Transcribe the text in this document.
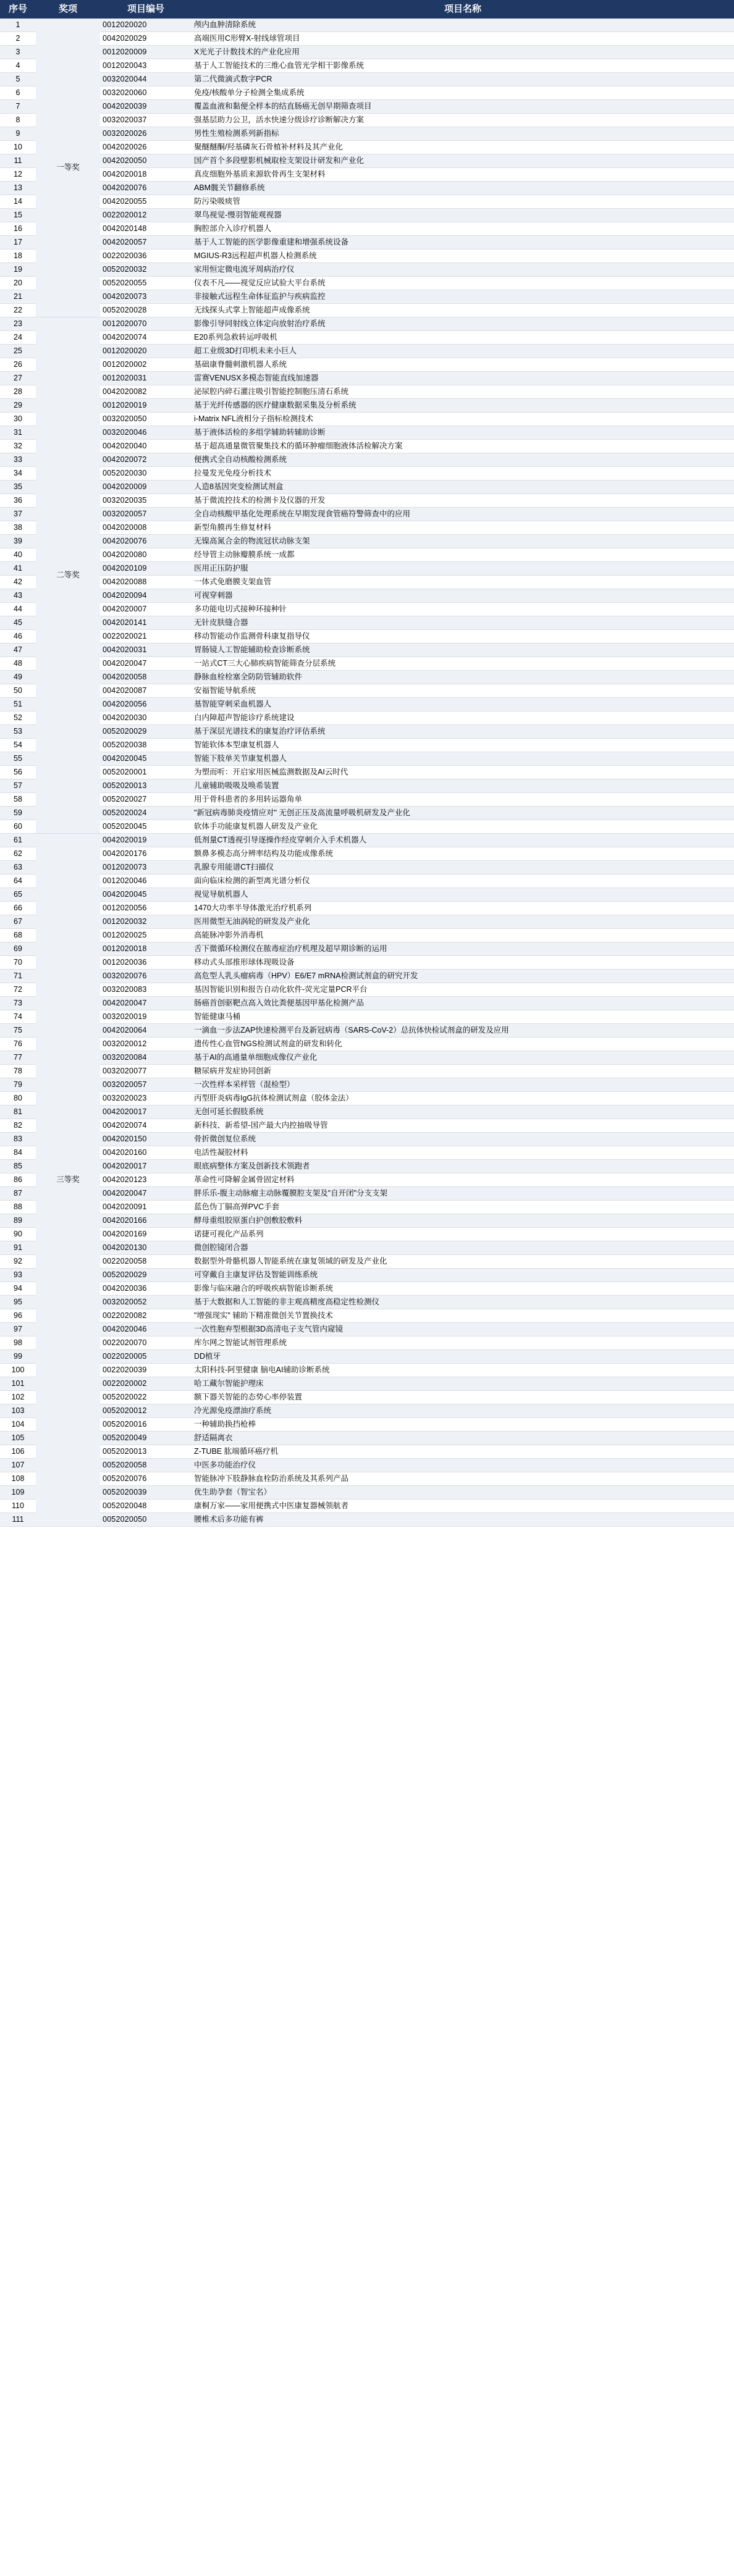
序号	奖项	项目编号	项目名称
1	一等奖	0012020020	颅内血肿清除系统
2		0042020029	高端医用C形臂X-射线球管项目
3		0012020009	X光光子计数技术的产业化应用
4		0012020043	基于人工智能技术的三维心血管光学相干影像系统
5		0032020044	第二代微滴式数字PCR
6		0032020060	免疫/核酸单分子检测全集成系统
7		0042020039	覆盖血液和黏便全样本的结直肠癌无创早期筛查项目
8		0032020037	强基层助力公卫，活水快速分级诊疗诊断解决方案
9		0032020026	男性生殖检测系列新指标
10		0042020026	聚醚醚酮/羟基磷灰石骨植补材料及其产业化
11		0042020050	国产首个多段壁影机械取栓支架设计研发和产业化
12		0042020018	真皮细胞外基质来源软骨再生支架材料
13		0042020076	ABM髋关节翻修系统
14		0042020055	防污染吸痰管
15		0022020012	翠鸟视觉-慢羽智能观视器
16		0042020148	胸腔部介入诊疗机器人
17		0042020057	基于人工智能的医学影像重建和增强系统设备
18		0022020036	MGIUS-R3远程超声机器人检测系统
19		0052020032	家用恒定微电流牙周病治疗仪
20		0052020055	仪表不凡——视觉反应试验大平台系统
21		0042020073	非接触式远程生命体征监护与疾病监控
22		0052020028	无线探头式掌上智能超声成像系统
23	二等奖	0012020070	影像引导同射线立体定向放射治疗系统
24		0042020074	E20系列急救转运呼吸机
25		0012020020	超工业级3D打印机未来小巨人
26		0012020002	基础康脊髓刺激机器人系统
27		0012020031	雷赛VENUSX多模态智能直线加速器
28		0042020082	泌尿腔内碎石灌注吸引智能控制胞压清石系统
29		0012020019	基于光纤传感器的医疗健康数据采集及分析系统
30		0032020050	i-Matrix NFL液相分子指标检测技术
31		0032020046	基于液体活检的多组学辅助转辅助诊断
32		0042020040	基于超高通量微管聚集技术的循环肿瘤细胞液体活检解决方案
33		0042020072	便携式全自动核酸检测系统
34		0052020030	拉曼发光免疫分析技术
35		0042020009	人造8基因突变检测试剂盒
36		0032020035	基于微流控技术的检测卡及仪器的开发
37		0032020057	全自动核酸甲基化处理系统在早期发现食管癌符警筛查中的应用
38		0042020008	新型角膜再生修复材料
39		0042020076	无镍高氮合金的物流冠状动脉支架
40		0042020080	经导管主动脉瓣膜系统一成都
41		0042020109	医用正压防护服
42		0042020088	一体式免磨膜支架血管
43		0042020094	可视穿刺器
44		0042020007	多功能电切式接种环接种针
45		0042020141	无针皮肤缝合器
46		0022020021	移动智能动作监测骨科康复指导仪
47		0042020031	胃肠镜人工智能辅助检查诊断系统
48		0042020047	一站式CT三大心肺疾病智能筛查分层系统
49		0042020058	静脉血栓栓塞全防防管辅助软件
50		0042020087	安福智能导航系统
51		0042020056	基智能穿刺采血机器人
52		0042020030	白内障超声智能诊疗系统建设
53		0052020029	基于深层光谱技术的康复治疗评估系统
54		0052020038	智能软体本型康复机器人
55		0042020045	智能下肢单关节康复机器人
56		0052020001	为塑而听：开启家用医械监测数据及AI云时代
57		0052020013	儿童辅助吸吸及唤希装置
58		0052020027	用于骨科患者的多用转运器角单
59		0052020024	"新冠病毒肺炎疫情应对" 无创正压及高流量呼吸机研发及产业化
60		0052020045	软体手功能康复机器人研发及产业化
61	三等奖	0042020019	低剂量CT透视引导逐操作经皮穿刺介入手术机器人
62		0042020176	额鼻多模态高分辨率结构及功能成像系统
63		0012020073	乳腺专用能谱CT扫描仪
64		0012020046	面向临床检测的新型离光谱分析仪
65		0042020045	视觉导航机器人
66		0012020056	1470大功率半导体激光治疗机系列
67		0012020032	医用微型无油涡轮的研发及产业化
68		0012020025	高能脉冲影外消毒机
69		0012020018	舌下微循环检测仪在脓毒症治疗机理及超早期诊断的运用
70		0012020036	移动式头部推形球体现吸设备
71		0032020076	高危型人乳头瘤病毒（HPV）E6/E7 mRNA检测试剂盒的研究开发
72		0032020083	基因智能识别和报告自动化软件-荧光定量PCR平台
73		0042020047	肠癌首创驱靶点高入效比粪便基因甲基化检测产品
74		0032020019	智能健康马桶
75		0042020064	一滴血一步法ZAP快速检测平台及新冠病毒（SARS-CoV-2）总抗体快检试剂盒的研发及应用
76		0032020012	遗传性心血管NGS检测试剂盒的研发和转化
77		0032020084	基于AI的高通量单细胞成像仪产业化
78		0032020077	糖尿病并发症协同创新
79		0032020057	一次性样本采样管（混检型）
80		0032020023	丙型肝炎病毒IgG抗体检测试剂盒（胶体金法）
81		0042020017	无创可延长假肢系统
82		0042020074	新科技、新希望-国产最大内控抽吸导管
83		0042020150	骨折微创复位系统
84		0042020160	电活性凝胶材料
85		0042020017	眼底病整体方案及创新技术领跑者
86		0042020123	革命性可降解金属骨固定材料
87		0042020047	胖乐乐-腹主动脉瘤主动脉覆膜腔支架及"自开闭"分支支架
88		0042020091	蓝色伪丁膈高弹PVC手套
89		0042020166	酵母重组胶原蛋白护创敷胶敷料
90		0042020169	诺捷可视化产品系列
91		0042020130	微创腔镜闭合器
92		0022020058	数据型外骨骼机器人智能系统在康复领域的研发及产业化
93		0052020029	可穿戴自主康复评估及智能训练系统
94		0042020036	影像与临床融合的呼吸疾病智能诊断系统
95		0032020052	基于大数据和人工智能的非主观高精度高稳定性检测仪
96		0022020082	"增强现实" 辅助下精准微创关节置换技术
97		0042020046	一次性胞弃型根据3D高清电子支气管内窥镜
98		0022020070	库尔网之智能试剂管理系统
99		0022020005	DD植牙
100		0022020039	太阳科技-阿里健康 脑电AI辅助诊断系统
101		0022020002	哈工藏尔智能护理床
102		0052020022	额下器关智能的态势心率停装置
103		0052020012	冷光源免疫漂油疗系统
104		0052020016	一种辅助换挡枪棒
105		0052020049	舒适隔离衣
106		0052020013	Z-TUBE 肱端循环癌疗机
107		0052020058	中医多功能治疗仪
108		0052020076	智能脉冲下肢静脉血栓防治系统及其系列产品
109		0052020039	优生助孕套（智宝名）
110		0052020048	康桐万家——家用便携式中医康复器械领航者
111		0052020050	腰椎术后多功能有裤
